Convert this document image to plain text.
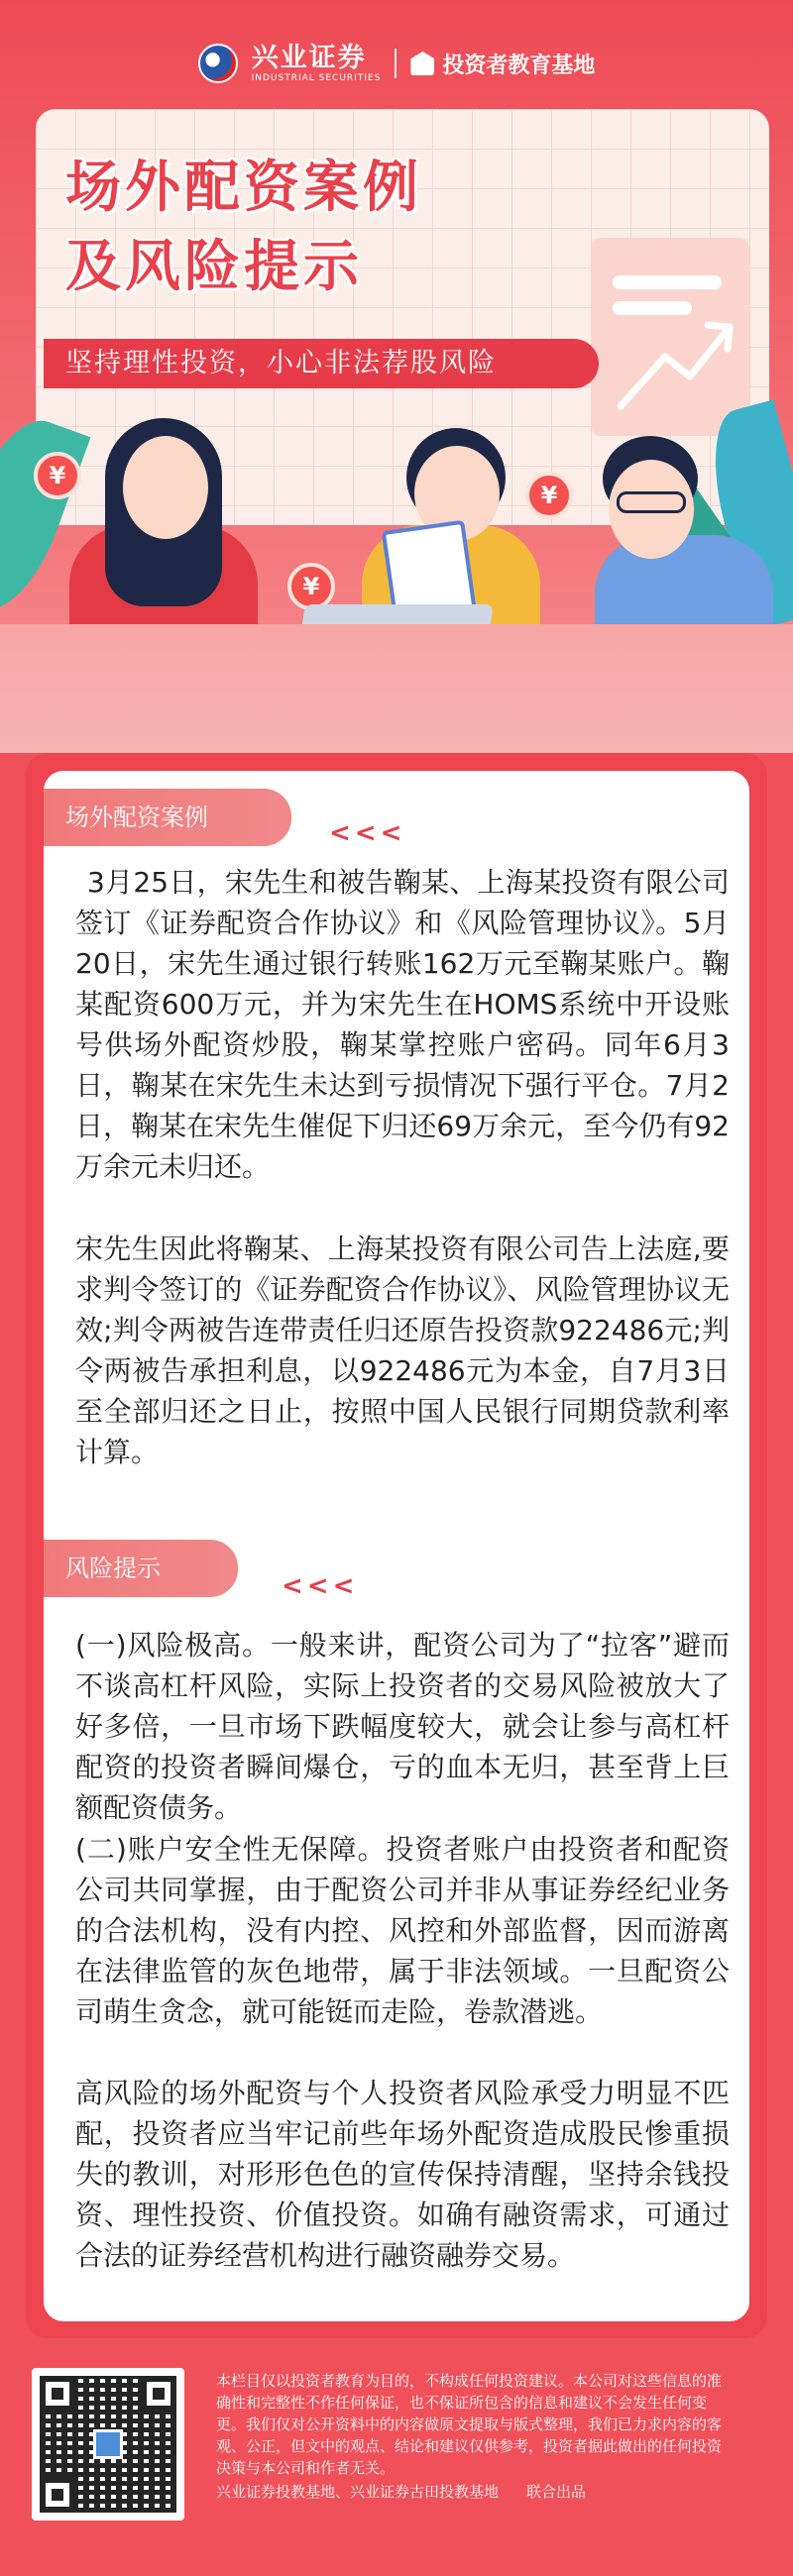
兴业证券
INDUSTRIAL SECURITIES	投资者教育基地
场外配资案例
及风险提示
坚持理性投资，小心非法荐股风险
¥
¥
¥
场外配资案例
<<<

3月25日，宋先生和被告鞠某、上海某投资有限公司签订《证券配资合作协议》和《风险管理协议》。5月20日，宋先生通过银行转账162万元至鞠某账户。鞠某配资600万元，并为宋先生在HOMS系统中开设账号供场外配资炒股，鞠某掌控账户密码。同年6月3日，鞠某在宋先生未达到亏损情况下强行平仓。7月2日，鞠某在宋先生催促下归还69万余元，至今仍有92万余元未归还。

宋先生因此将鞠某、上海某投资有限公司告上法庭,要求判令签订的《证券配资合作协议》、风险管理协议无效;判令两被告连带责任归还原告投资款922486元;判令两被告承担利息，以922486元为本金，自7月3日至全部归还之日止，按照中国人民银行同期贷款利率计算。

风险提示
<<<

(一)风险极高。一般来讲，配资公司为了“拉客”避而不谈高杠杆风险，实际上投资者的交易风险被放大了好多倍，一旦市场下跌幅度较大，就会让参与高杠杆配资的投资者瞬间爆仓，亏的血本无归，甚至背上巨额配资债务。

(二)账户安全性无保障。投资者账户由投资者和配资公司共同掌握，由于配资公司并非从事证券经纪业务的合法机构，没有内控、风控和外部监督，因而游离在法律监管的灰色地带，属于非法领域。一旦配资公司萌生贪念，就可能铤而走险，卷款潜逃。

高风险的场外配资与个人投资者风险承受力明显不匹配，投资者应当牢记前些年场外配资造成股民惨重损失的教训，对形形色色的宣传保持清醒，坚持余钱投资、理性投资、价值投资。如确有融资需求，可通过合法的证券经营机构进行融资融券交易。

本栏目仅以投资者教育为目的，不构成任何投资建议。本公司对这些信息的准确性和完整性不作任何保证，也不保证所包含的信息和建议不会发生任何变更。我们仅对公开资料中的内容做原文提取与版式整理，我们已力求内容的客观、公正，但文中的观点、结论和建议仅供参考，投资者据此做出的任何投资决策与本公司和作者无关。

兴业证券投教基地、兴业证券古田投教基地 联合出品
